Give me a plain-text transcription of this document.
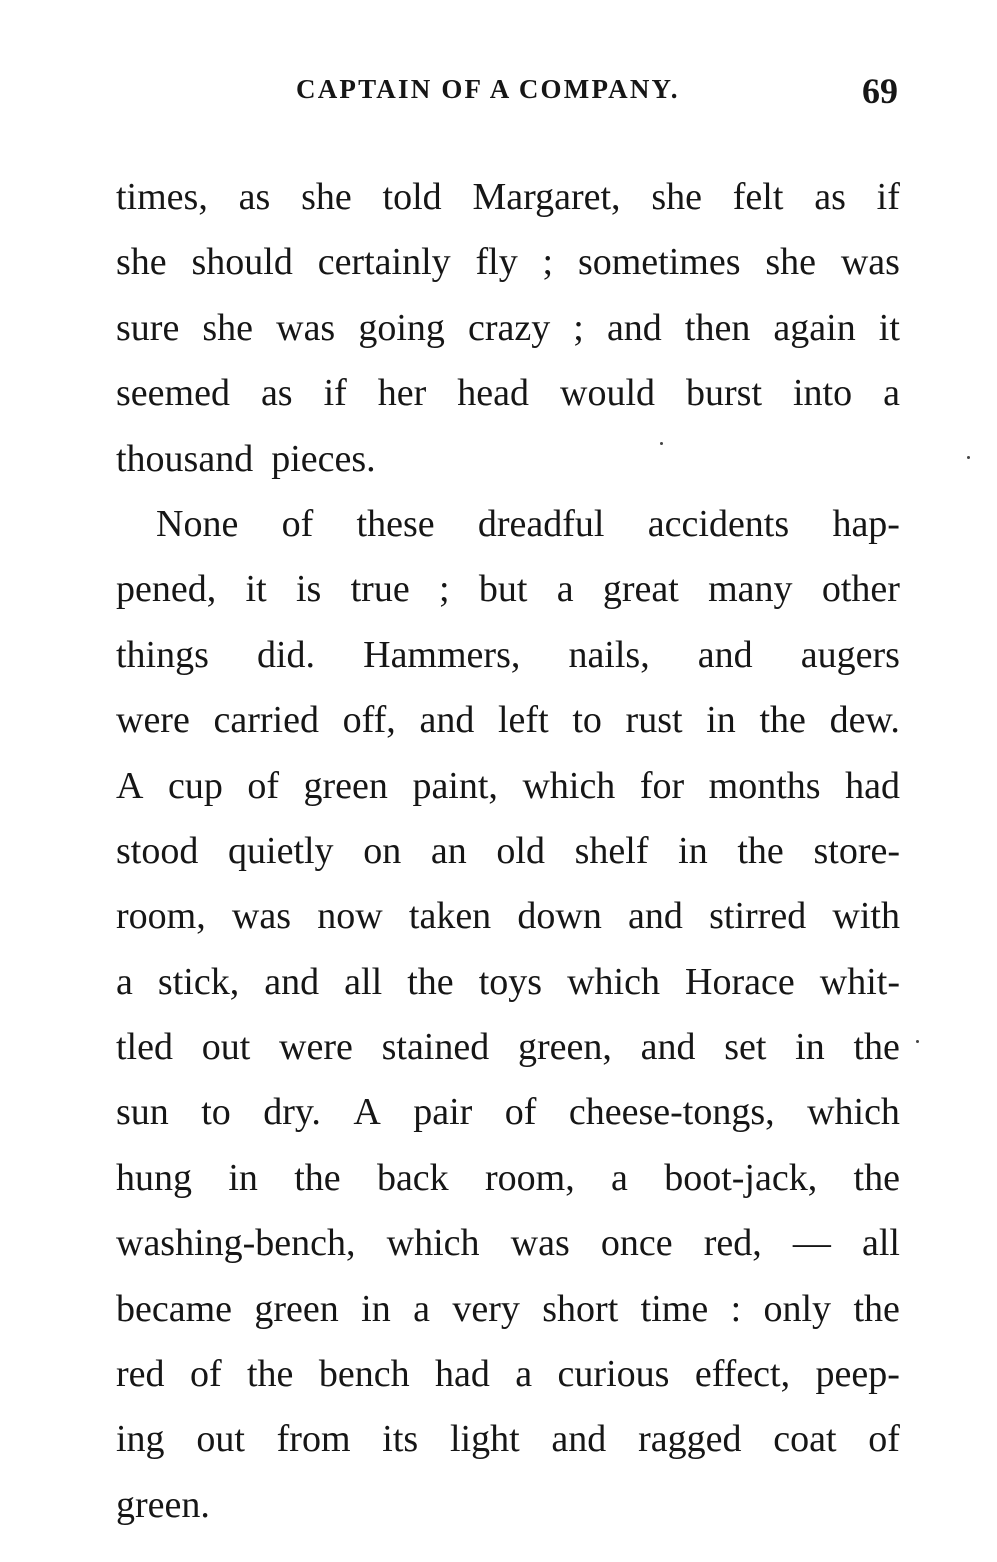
CAPTAIN OF A COMPANY.	69
times, as she told Margaret, she felt as if
she should certainly fly ; sometimes she was
sure she was going crazy ; and then again it
seemed as if her head would burst into a
thousand pieces.
None of these dreadful accidents hap-
pened, it is true ; but a great many other
things did. Hammers, nails, and augers
were carried off, and left to rust in the dew.
A cup of green paint, which for months had
stood quietly on an old shelf in the store-
room, was now taken down and stirred with
a stick, and all the toys which Horace whit-
tled out were stained green, and set in the
sun to dry. A pair of cheese-tongs, which
hung in the back room, a boot-jack, the
washing-bench, which was once red, — all
became green in a very short time : only the
red of the bench had a curious effect, peep-
ing out from its light and ragged coat of
green.
